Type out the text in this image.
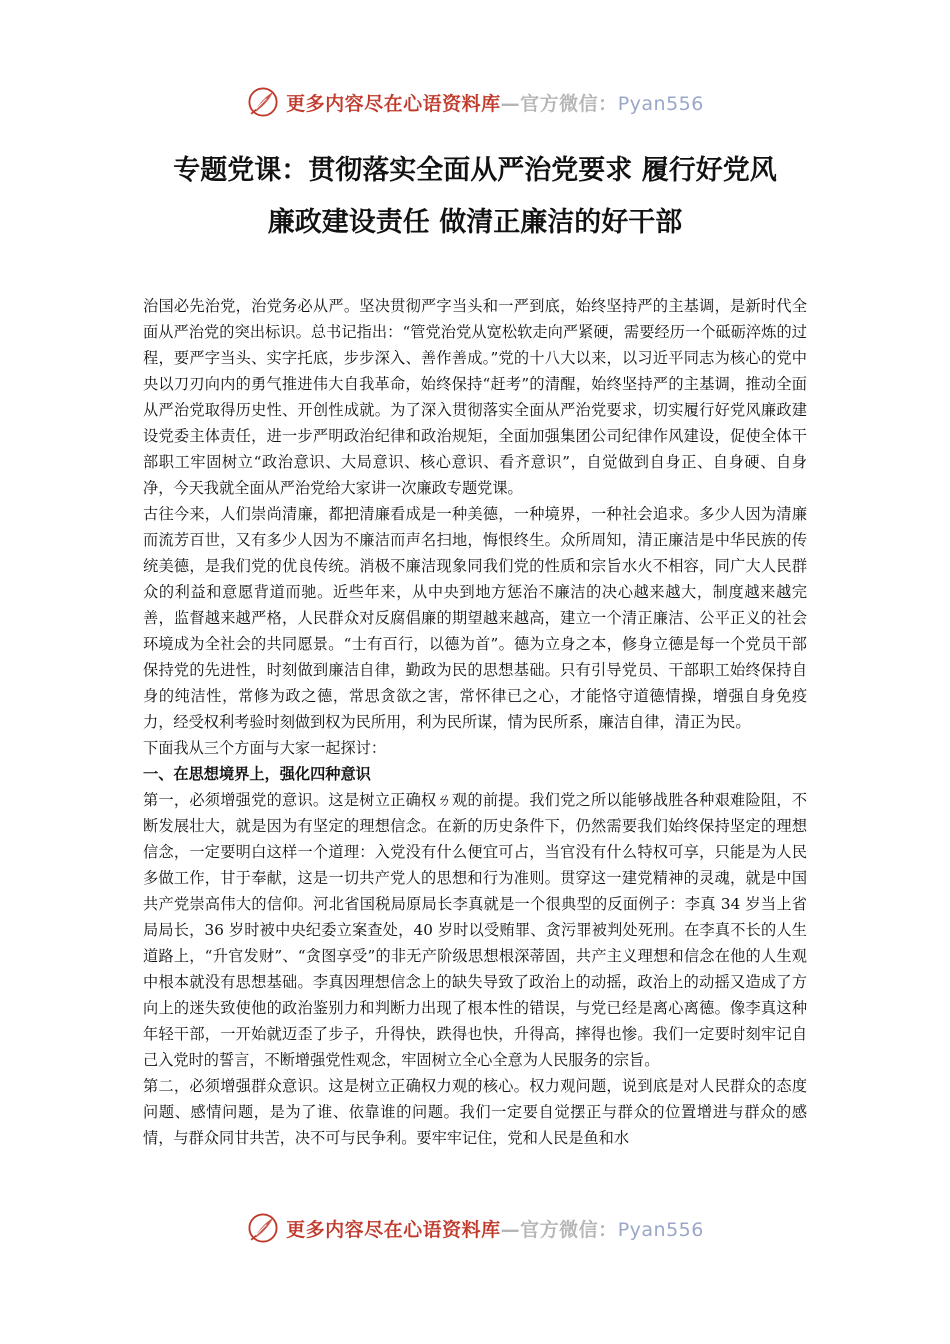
更多内容尽在心语资料库—官方微信：Pyan556
专题党课：贯彻落实全面从严治党要求 履行好党风
廉政建设责任 做清正廉洁的好干部

治国必先治党，治党务必从严。坚决贯彻严字当头和一严到底，始终坚持严的主基调，是新时代全面从严治党的突出标识。总书记指出：“管党治党从宽松软走向严紧硬，需要经历一个砥砺淬炼的过程，要严字当头、实字托底，步步深入、善作善成。”党的十八大以来，以习近平同志为核心的党中央以刀刃向内的勇气推进伟大自我革命，始终保持“赶考”的清醒，始终坚持严的主基调，推动全面从严治党取得历史性、开创性成就。为了深入贯彻落实全面从严治党要求，切实履行好党风廉政建设党委主体责任，进一步严明政治纪律和政治规矩，全面加强集团公司纪律作风建设，促使全体干部职工牢固树立“政治意识、大局意识、核心意识、看齐意识”，自觉做到自身正、自身硬、自身净，今天我就全面从严治党给大家讲一次廉政专题党课。

古往今来，人们崇尚清廉，都把清廉看成是一种美德，一种境界，一种社会追求。多少人因为清廉而流芳百世，又有多少人因为不廉洁而声名扫地，悔恨终生。众所周知，清正廉洁是中华民族的传统美德，是我们党的优良传统。消极不廉洁现象同我们党的性质和宗旨水火不相容，同广大人民群众的利益和意愿背道而驰。近些年来，从中央到地方惩治不廉洁的决心越来越大，制度越来越完善，监督越来越严格，人民群众对反腐倡廉的期望越来越高，建立一个清正廉洁、公平正义的社会环境成为全社会的共同愿景。“士有百行，以德为首”。德为立身之本，修身立德是每一个党员干部保持党的先进性，时刻做到廉洁自律，勤政为民的思想基础。只有引导党员、干部职工始终保持自身的纯洁性，常修为政之德，常思贪欲之害，常怀律已之心，才能恪守道德情操，增强自身免疫力，经受权利考验时刻做到权为民所用，利为民所谋，情为民所系，廉洁自律，清正为民。

下面我从三个方面与大家一起探讨：

一、在思想境界上，强化四种意识

第一，必须增强党的意识。这是树立正确权ㄌ观的前提。我们党之所以能够战胜各种艰难险阻，不断发展壮大，就是因为有坚定的理想信念。在新的历史条件下，仍然需要我们始终保持坚定的理想信念，一定要明白这样一个道理：入党没有什么便宜可占，当官没有什么特权可享，只能是为人民多做工作，甘于奉献，这是一切共产党人的思想和行为准则。贯穿这一建党精神的灵魂，就是中国共产党崇高伟大的信仰。河北省国税局原局长李真就是一个很典型的反面例子：李真 34 岁当上省局局长，36 岁时被中央纪委立案查处，40 岁时以受贿罪、贪污罪被判处死刑。在李真不长的人生道路上，“升官发财”、“贪图享受”的非无产阶级思想根深蒂固，共产主义理想和信念在他的人生观中根本就没有思想基础。李真因理想信念上的缺失导致了政治上的动摇，政治上的动摇又造成了方向上的迷失致使他的政治鉴别力和判断力出现了根本性的错误，与党已经是离心离德。像李真这种年轻干部，一开始就迈歪了步子，升得快，跌得也快，升得高，摔得也惨。我们一定要时刻牢记自己入党时的誓言，不断增强党性观念，牢固树立全心全意为人民服务的宗旨。

第二，必须增强群众意识。这是树立正确权力观的核心。权力观问题，说到底是对人民群众的态度问题、感情问题，是为了谁、依靠谁的问题。我们一定要自觉摆正与群众的位置增进与群众的感情，与群众同甘共苦，决不可与民争利。要牢牢记住，党和人民是鱼和水

更多内容尽在心语资料库—官方微信：Pyan556
